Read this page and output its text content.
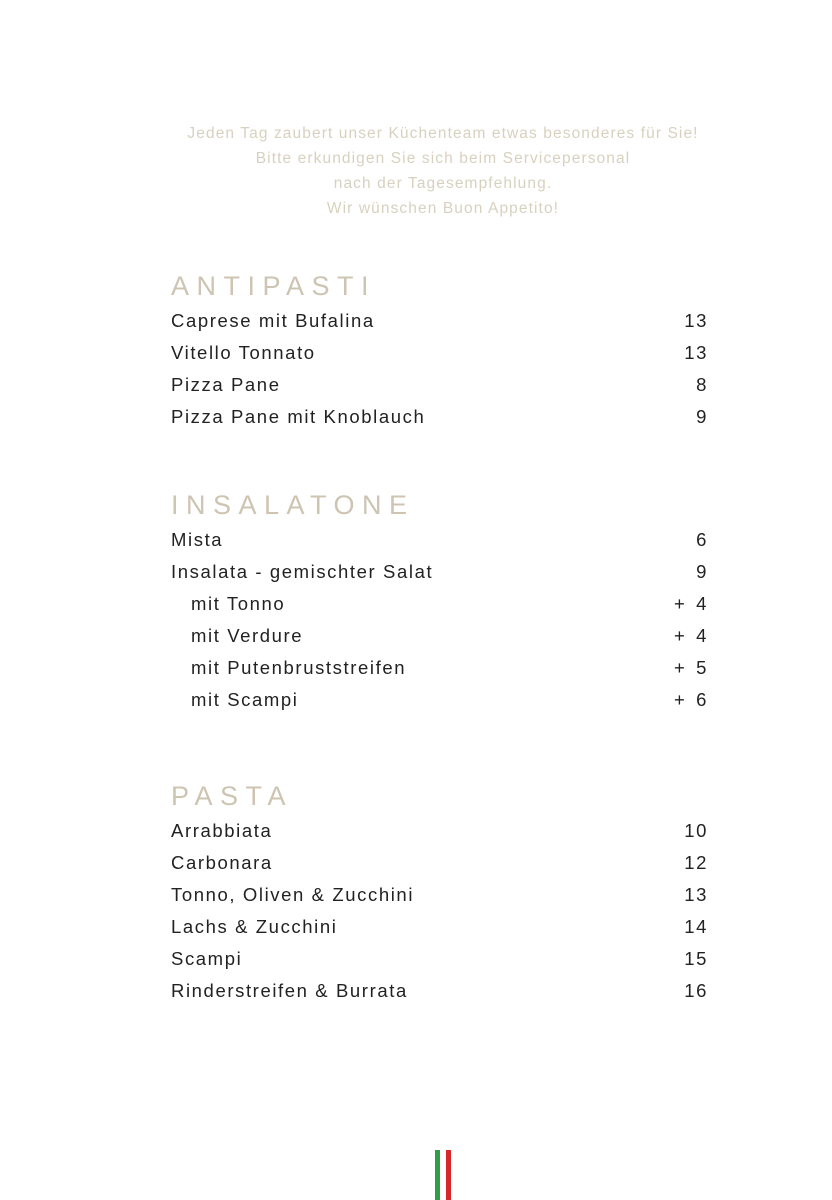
Jeden Tag zaubert unser Küchenteam etwas besonderes für Sie!
Bitte erkundigen Sie sich beim Servicepersonal
nach der Tagesempfehlung.
Wir wünschen Buon Appetito!
ANTIPASTI
Caprese mit Bufalina	13
Vitello Tonnato	13
Pizza Pane	8
Pizza Pane mit Knoblauch	9
INSALATONE
Mista	6
Insalata - gemischter Salat	9
mit Tonno	+ 4
mit Verdure	+ 4
mit Putenbruststreifen	+ 5
mit Scampi	+ 6
PASTA
Arrabbiata	10
Carbonara	12
Tonno, Oliven & Zucchini	13
Lachs & Zucchini	14
Scampi	15
Rinderstreifen & Burrata	16
